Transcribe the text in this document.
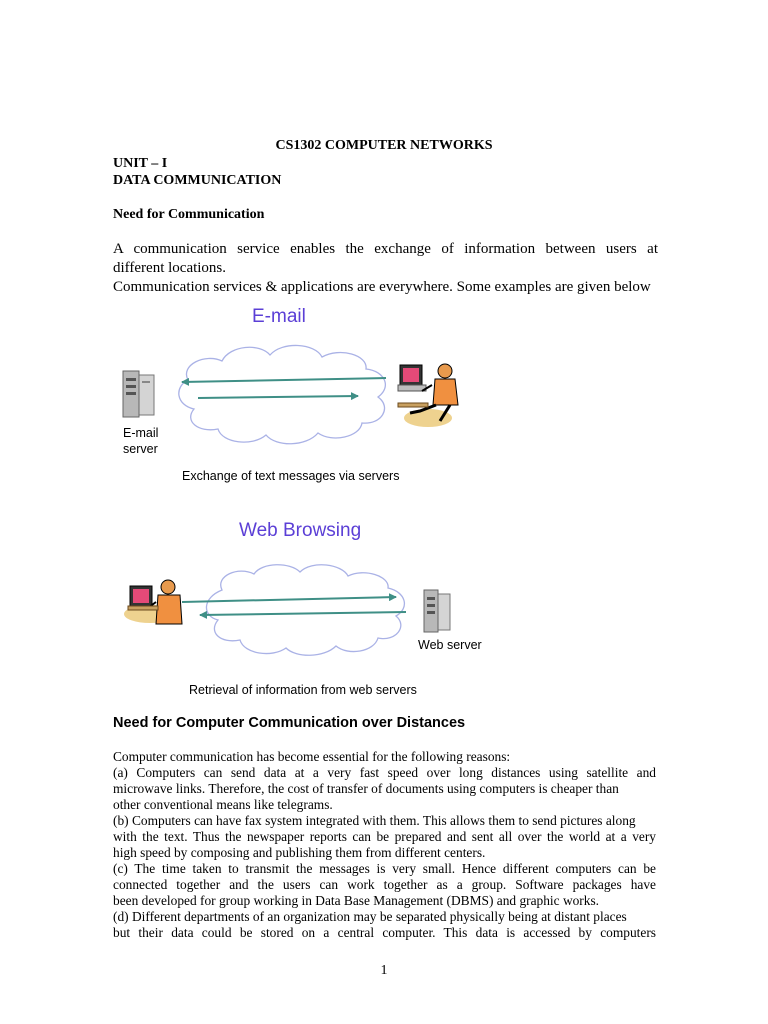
CS1302 COMPUTER NETWORKS
UNIT – I
DATA COMMUNICATION
Need for Communication
A communication service enables the exchange of information between users at
different locations.
Communication services & applications are everywhere. Some examples are given below
E-mail
E-mail
server
Exchange of text messages via servers
Web Browsing
Web server
Retrieval of information from web servers
Need for Computer Communication over Distances
Computer communication has become essential for the following reasons:
(a) Computers can send data at a very fast speed over long distances using satellite and
microwave links. Therefore, the cost of transfer of documents using computers is cheaper than
other conventional means like telegrams.
(b) Computers can have fax system integrated with them. This allows them to send pictures along
with the text. Thus the newspaper reports can be prepared and sent all over the world at a very
high speed by composing and publishing them from different centers.
(c) The time taken to transmit the messages is very small. Hence different computers can be
connected together and the users can work together as a group. Software packages have
been developed for group working in Data Base Management (DBMS) and graphic works.
(d) Different departments of an organization may be separated physically being at distant places
but their data could be stored on a central computer. This data is accessed by computers
1
